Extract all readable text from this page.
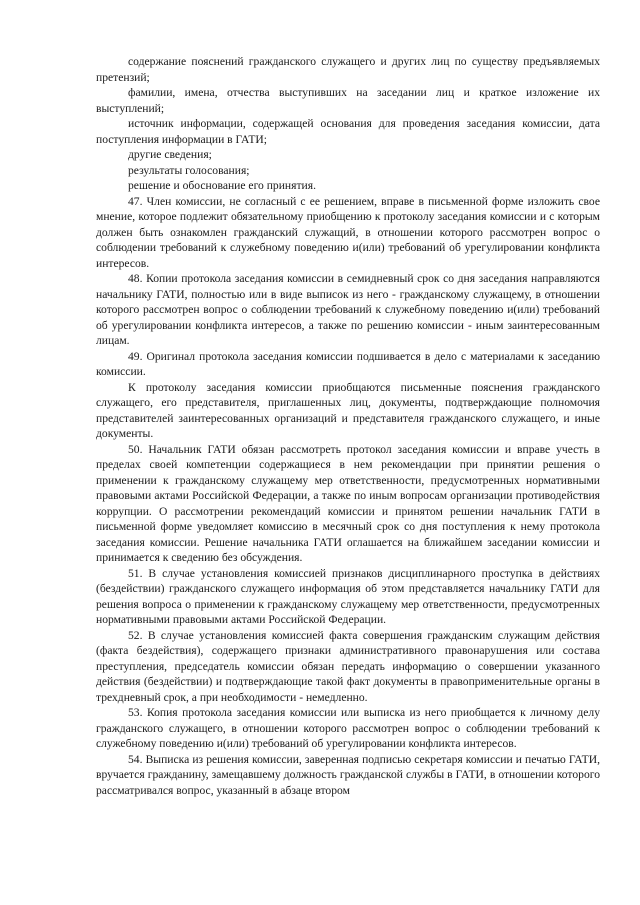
содержание пояснений гражданского служащего и других лиц по существу предъявляемых претензий;

фамилии, имена, отчества выступивших на заседании лиц и краткое изложение их выступлений;

источник информации, содержащей основания для проведения заседания комиссии, дата поступления информации в ГАТИ;

другие сведения;

результаты голосования;

решение и обоснование его принятия.

47. Член комиссии, не согласный с ее решением, вправе в письменной форме изложить свое мнение, которое подлежит обязательному приобщению к протоколу заседания комиссии и с которым должен быть ознакомлен гражданский служащий, в отношении которого рассмотрен вопрос о соблюдении требований к служебному поведению и(или) требований об урегулировании конфликта интересов.

48. Копии протокола заседания комиссии в семидневный срок со дня заседания направляются начальнику ГАТИ, полностью или в виде выписок из него - гражданскому служащему, в отношении которого рассмотрен вопрос о соблюдении требований к служебному поведению и(или) требований об урегулировании конфликта интересов, а также по решению комиссии - иным заинтересованным лицам.

49. Оригинал протокола заседания комиссии подшивается в дело с материалами к заседанию комиссии.

К протоколу заседания комиссии приобщаются письменные пояснения гражданского служащего, его представителя, приглашенных лиц, документы, подтверждающие полномочия представителей заинтересованных организаций и представителя гражданского служащего, и иные документы.

50. Начальник ГАТИ обязан рассмотреть протокол заседания комиссии и вправе учесть в пределах своей компетенции содержащиеся в нем рекомендации при принятии решения о применении к гражданскому служащему мер ответственности, предусмотренных нормативными правовыми актами Российской Федерации, а также по иным вопросам организации противодействия коррупции. О рассмотрении рекомендаций комиссии и принятом решении начальник ГАТИ в письменной форме уведомляет комиссию в месячный срок со дня поступления к нему протокола заседания комиссии. Решение начальника ГАТИ оглашается на ближайшем заседании комиссии и принимается к сведению без обсуждения.

51. В случае установления комиссией признаков дисциплинарного проступка в действиях (бездействии) гражданского служащего информация об этом представляется начальнику ГАТИ для решения вопроса о применении к гражданскому служащему мер ответственности, предусмотренных нормативными правовыми актами Российской Федерации.

52. В случае установления комиссией факта совершения гражданским служащим действия (факта бездействия), содержащего признаки административного правонарушения или состава преступления, председатель комиссии обязан передать информацию о совершении указанного действия (бездействии) и подтверждающие такой факт документы в правоприменительные органы в трехдневный срок, а при необходимости - немедленно.

53. Копия протокола заседания комиссии или выписка из него приобщается к личному делу гражданского служащего, в отношении которого рассмотрен вопрос о соблюдении требований к служебному поведению и(или) требований об урегулировании конфликта интересов.

54. Выписка из решения комиссии, заверенная подписью секретаря комиссии и печатью ГАТИ, вручается гражданину, замещавшему должность гражданской службы в ГАТИ, в отношении которого рассматривался вопрос, указанный в абзаце втором
